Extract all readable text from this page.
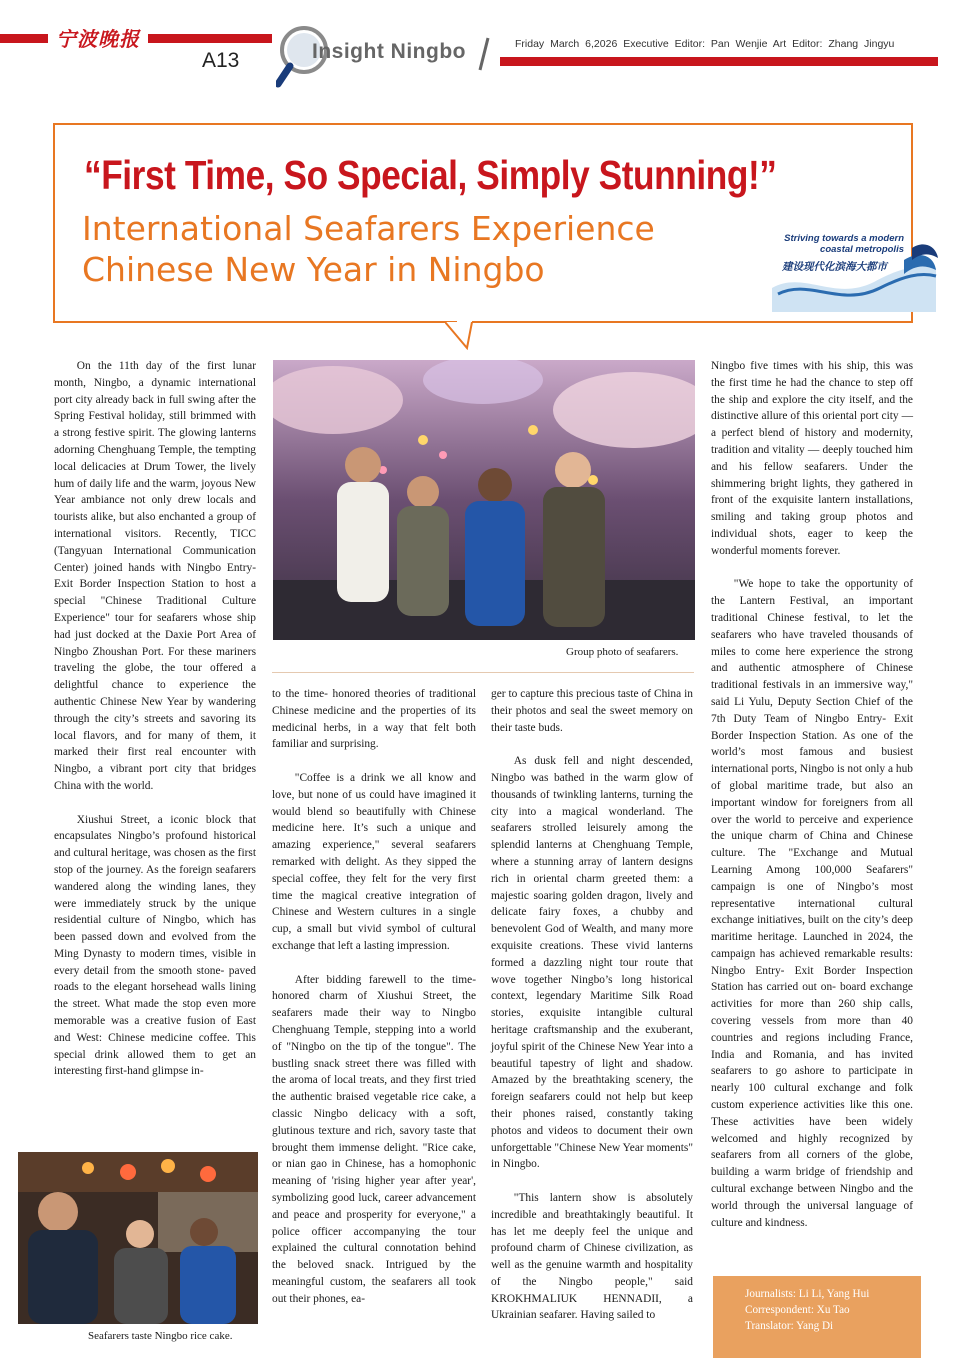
宁波晚报
A13	Insight Ningbo	Friday March 6,2026 Executive Editor: Pan Wenjie Art Editor: Zhang Jingyu
“First Time, So Special, Simply Stunning!”
International Seafarers Experience Chinese New Year in Ningbo
Striving towards a modern coastal metropolis
建设现代化滨海大都市
Group photo of seafarers.
Seafarers taste Ningbo rice cake.

On the 11th day of the first lunar month, Ningbo, a dynamic international port city already back in full swing after the Spring Festival holiday, still brimmed with a strong festive spirit. The glowing lanterns adorning Chenghuang Temple, the tempting local delicacies at Drum Tower, the lively hum of daily life and the warm, joyous New Year ambiance not only drew locals and tourists alike, but also enchanted a group of international visitors. Recently, TICC (Tangyuan International Communication Center) joined hands with Ningbo Entry- Exit Border Inspection Station to host a special "Chinese Traditional Culture Experience" tour for seafarers whose ship had just docked at the Daxie Port Area of Ningbo Zhoushan Port. For these mariners traveling the globe, the tour offered a delightful chance to experience the authentic Chinese New Year by wandering through the city’s streets and savoring its local flavors, and for many of them, it marked their first real encounter with Ningbo, a vibrant port city that bridges China with the world.

Xiushui Street, a iconic block that encapsulates Ningbo’s profound historical and cultural heritage, was chosen as the first stop of the journey. As the foreign seafarers wandered along the winding lanes, they were immediately struck by the unique residential culture of Ningbo, which has been passed down and evolved from the Ming Dynasty to modern times, visible in every detail from the smooth stone- paved roads to the elegant horsehead walls lining the street. What made the stop even more memorable was a creative fusion of East and West: Chinese medicine coffee. This special drink allowed them to get an interesting first-hand glimpse in-

to the time- honored theories of traditional Chinese medicine and the properties of its medicinal herbs, in a way that felt both familiar and surprising.

"Coffee is a drink we all know and love, but none of us could have imagined it would blend so beautifully with Chinese medicine here. It’s such a unique and amazing experience," several seafarers remarked with delight. As they sipped the special coffee, they felt for the very first time the magical creative integration of Chinese and Western cultures in a single cup, a small but vivid symbol of cultural exchange that left a lasting impression.

After bidding farewell to the time- honored charm of Xiushui Street, the seafarers made their way to Ningbo Chenghuang Temple, stepping into a world of "Ningbo on the tip of the tongue". The bustling snack street there was filled with the aroma of local treats, and they first tried the authentic braised vegetable rice cake, a classic Ningbo delicacy with a soft, glutinous texture and rich, savory taste that brought them immense delight. "Rice cake, or nian gao in Chinese, has a homophonic meaning of 'rising higher year after year', symbolizing good luck, career advancement and peace and prosperity for everyone," a police officer accompanying the tour explained the cultural connotation behind the beloved snack. Intrigued by the meaningful custom, the seafarers all took out their phones, ea-

ger to capture this precious taste of China in their photos and seal the sweet memory on their taste buds.

As dusk fell and night descended, Ningbo was bathed in the warm glow of thousands of twinkling lanterns, turning the city into a magical wonderland. The seafarers strolled leisurely among the splendid lanterns at Chenghuang Temple, where a stunning array of lantern designs rich in oriental charm greeted them: a majestic soaring golden dragon, lively and delicate fairy foxes, a chubby and benevolent God of Wealth, and many more exquisite creations. These vivid lanterns formed a dazzling night tour route that wove together Ningbo’s long historical context, legendary Maritime Silk Road stories, exquisite intangible cultural heritage craftsmanship and the exuberant, joyful spirit of the Chinese New Year into a beautiful tapestry of light and shadow. Amazed by the breathtaking scenery, the foreign seafarers could not help but keep their phones raised, constantly taking photos and videos to document their own unforgettable "Chinese New Year moments" in Ningbo.

"This lantern show is absolutely incredible and breathtakingly beautiful. It has let me deeply feel the unique and profound charm of Chinese civilization, as well as the genuine warmth and hospitality of the Ningbo people," said KROKHMALIUK HENNADII, a Ukrainian seafarer. Having sailed to

Ningbo five times with his ship, this was the first time he had the chance to step off the ship and explore the city itself, and the distinctive allure of this oriental port city — a perfect blend of history and modernity, tradition and vitality — deeply touched him and his fellow seafarers. Under the shimmering bright lights, they gathered in front of the exquisite lantern installations, smiling and taking group photos and individual shots, eager to keep the wonderful moments forever.

"We hope to take the opportunity of the Lantern Festival, an important traditional Chinese festival, to let the seafarers who have traveled thousands of miles to come here experience the strong and authentic atmosphere of Chinese traditional festivals in an immersive way," said Li Yulu, Deputy Section Chief of the 7th Duty Team of Ningbo Entry- Exit Border Inspection Station. As one of the world’s most famous and busiest international ports, Ningbo is not only a hub of global maritime trade, but also an important window for foreigners from all over the world to perceive and experience the unique charm of China and Chinese culture. The "Exchange and Mutual Learning Among 100,000 Seafarers" campaign is one of Ningbo’s most representative international cultural exchange initiatives, built on the city’s deep maritime heritage. Launched in 2024, the campaign has achieved remarkable results: Ningbo Entry- Exit Border Inspection Station has carried out on- board exchange activities for more than 260 ship calls, covering vessels from more than 40 countries and regions including France, India and Romania, and has invited seafarers to go ashore to participate in nearly 100 cultural exchange and folk custom experience activities like this one. These activities have been widely welcomed and highly recognized by seafarers from all corners of the globe, building a warm bridge of friendship and cultural exchange between Ningbo and the world through the universal language of culture and kindness.

Journalists: Li Li, Yang Hui
Correspondent: Xu Tao
Translator: Yang Di
